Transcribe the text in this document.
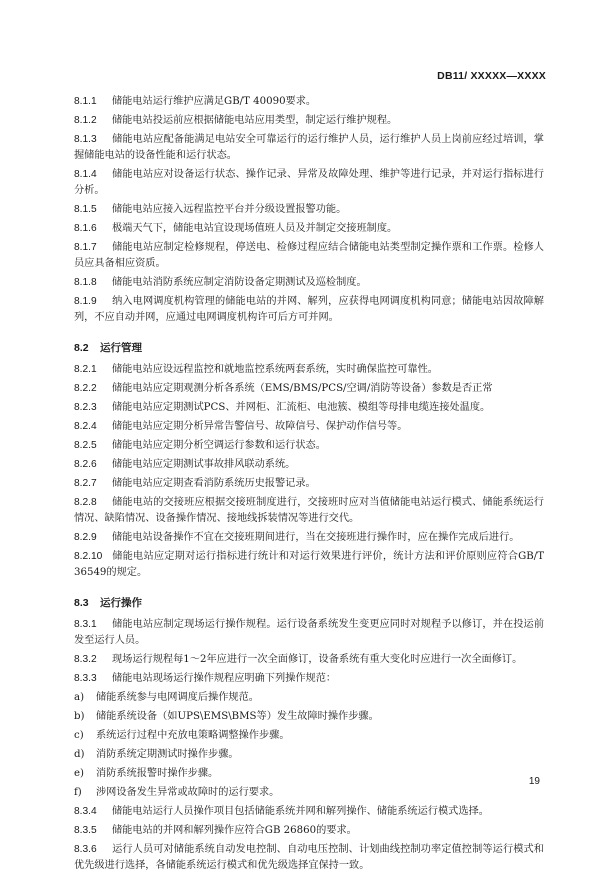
DB11/ XXXXX—XXXX
8.1.1 储能电站运行维护应满足GB/T 40090要求。
8.1.2 储能电站投运前应根据储能电站应用类型，制定运行维护规程。
8.1.3 储能电站应配备能满足电站安全可靠运行的运行维护人员，运行维护人员上岗前应经过培训，掌握储能电站的设备性能和运行状态。
8.1.4 储能电站应对设备运行状态、操作记录、异常及故障处理、维护等进行记录，并对运行指标进行分析。
8.1.5 储能电站应接入远程监控平台并分级设置报警功能。
8.1.6 极端天气下，储能电站宜设现场值班人员及并制定交接班制度。
8.1.7 储能电站应制定检修规程，停送电、检修过程应结合储能电站类型制定操作票和工作票。检修人员应具备相应资质。
8.1.8 储能电站消防系统应制定消防设备定期测试及巡检制度。
8.1.9 纳入电网调度机构管理的储能电站的并网、解列，应获得电网调度机构同意；储能电站因故障解列，不应自动并网，应通过电网调度机构许可后方可并网。
8.2 运行管理
8.2.1 储能电站应设远程监控和就地监控系统两套系统，实时确保监控可靠性。
8.2.2 储能电站应定期观测分析各系统（EMS/BMS/PCS/空调/消防等设备）参数是否正常
8.2.3 储能电站应定期测试PCS、并网柜、汇流柜、电池簇、模组等母排电缆连接处温度。
8.2.4 储能电站应定期分析异常告警信号、故障信号、保护动作信号等。
8.2.5 储能电站应定期分析空调运行参数和运行状态。
8.2.6 储能电站应定期测试事故排风联动系统。
8.2.7 储能电站应定期查看消防系统历史报警记录。
8.2.8 储能电站的交接班应根据交接班制度进行，交接班时应对当值储能电站运行模式、储能系统运行情况、缺陷情况、设备操作情况、接地线拆装情况等进行交代。
8.2.9 储能电站设备操作不宜在交接班期间进行，当在交接班进行操作时，应在操作完成后进行。
8.2.10 储能电站应定期对运行指标进行统计和对运行效果进行评价，统计方法和评价原则应符合GB/T 36549的规定。
8.3 运行操作
8.3.1 储能电站应制定现场运行操作规程。运行设备系统发生变更应同时对规程予以修订，并在投运前发至运行人员。
8.3.2 现场运行规程每1～2年应进行一次全面修订，设备系统有重大变化时应进行一次全面修订。
8.3.3 储能电站现场运行操作规程应明确下列操作规范：
a) 储能系统参与电网调度后操作规范。
b) 储能系统设备（如UPS\EMS\BMS等）发生故障时操作步骤。
c) 系统运行过程中充放电策略调整操作步骤。
d) 消防系统定期测试时操作步骤。
e) 消防系统报警时操作步骤。
f) 涉网设备发生异常或故障时的运行要求。
8.3.4 储能电站运行人员操作项目包括储能系统并网和解列操作、储能系统运行模式选择。
8.3.5 储能电站的并网和解列操作应符合GB 26860的要求。
8.3.6 运行人员可对储能系统自动发电控制、自动电压控制、计划曲线控制功率定值控制等运行模式和优先级进行选择，各储能系统运行模式和优先级选择宜保持一致。
19
